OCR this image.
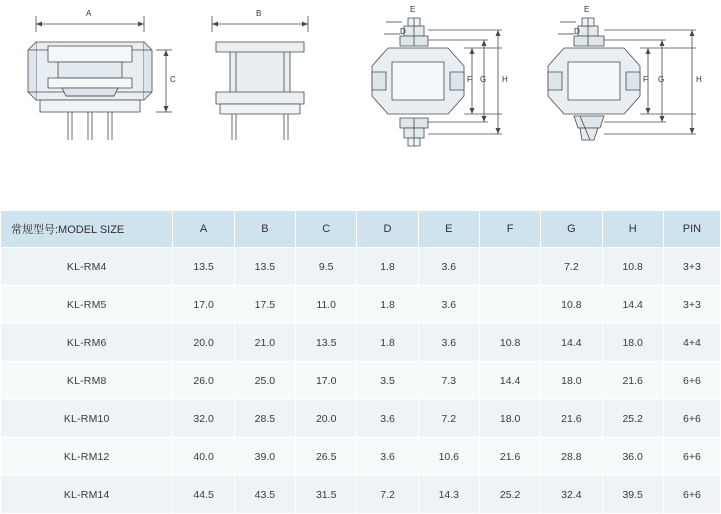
A
C
B	E
D
F G H
E
D
F G	H
常规型号:MODEL SIZE	A	B	C	D	E	F	G	H	PIN
KL-RM4	13.5	13.5	9.5	1.8	3.6		7.2	10.8	3+3
KL-RM5	17.0	17.5	11.0	1.8	3.6		10.8	14.4	3+3
KL-RM6	20.0	21.0	13.5	1.8	3.6	10.8	14.4	18.0	4+4
KL-RM8	26.0	25.0	17.0	3.5	7.3	14.4	18.0	21.6	6+6
KL-RM10	32.0	28.5	20.0	3.6	7.2	18.0	21.6	25.2	6+6
KL-RM12	40.0	39.0	26.5	3.6	10.6	21.6	28.8	36.0	6+6
KL-RM14	44.5	43.5	31.5	7.2	14.3	25.2	32.4	39.5	6+6
